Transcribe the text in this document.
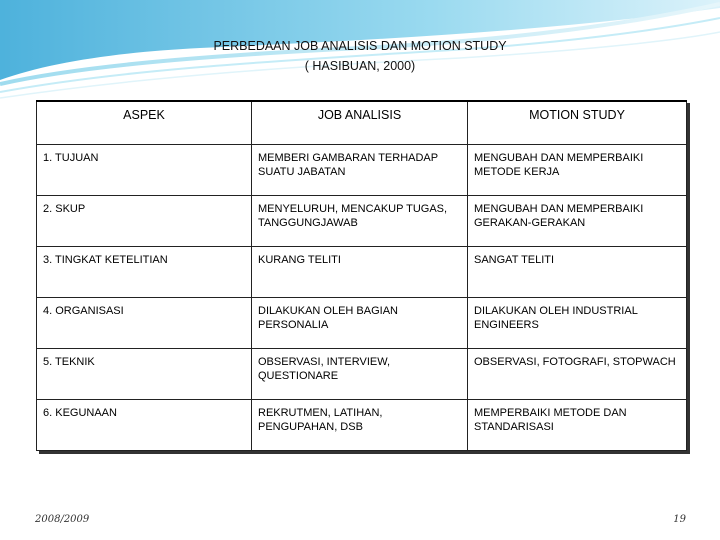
PERBEDAAN JOB ANALISIS DAN MOTION STUDY
( HASIBUAN, 2000)
ASPEK	JOB ANALISIS	MOTION STUDY
1. TUJUAN	MEMBERI GAMBARAN TERHADAP SUATU JABATAN	MENGUBAH DAN MEMPERBAIKI METODE KERJA
2. SKUP	MENYELURUH, MENCAKUP TUGAS, TANGGUNGJAWAB	MENGUBAH DAN MEMPERBAIKI GERAKAN-GERAKAN
3. TINGKAT KETELITIAN	KURANG TELITI	SANGAT TELITI
4. ORGANISASI	DILAKUKAN OLEH BAGIAN PERSONALIA	DILAKUKAN OLEH INDUSTRIAL ENGINEERS
5. TEKNIK	OBSERVASI, INTERVIEW, QUESTIONARE	OBSERVASI, FOTOGRAFI, STOPWACH
6. KEGUNAAN	REKRUTMEN, LATIHAN, PENGUPAHAN, DSB	MEMPERBAIKI METODE DAN STANDARISASI
2008/2009	19
